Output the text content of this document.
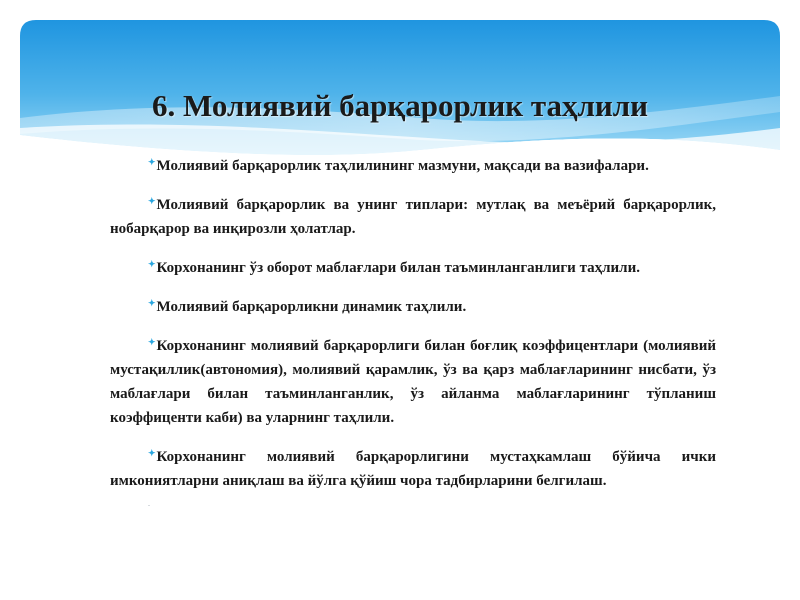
6. Молиявий барқарорлик таҳлили
✦Молиявий барқарорлик таҳлилининг мазмуни, мақсади ва вазифалари.
✦Молиявий барқарорлик ва унинг типлари: мутлақ ва меъёрий барқарорлик, нобарқарор ва инқирозли ҳолатлар.
✦Корхонанинг ўз оборот маблағлари билан таъминланганлиги таҳлили.
✦Молиявий барқарорликни динамик таҳлили.
✦Корхонанинг молиявий барқарорлиги билан боғлиқ коэффицентлари (молиявий мустақиллик(автономия), молиявий қарамлик, ўз ва қарз маблағларининг нисбати, ўз маблағлари билан таъминланганлик, ўз айланма маблағларининг тўпланиш коэффиценти каби) ва уларнинг таҳлили.
✦Корхонанинг молиявий барқарорлигини мустаҳкамлаш бўйича ички имкониятларни аниқлаш ва йўлга қўйиш чора тадбирларини белгилаш.
